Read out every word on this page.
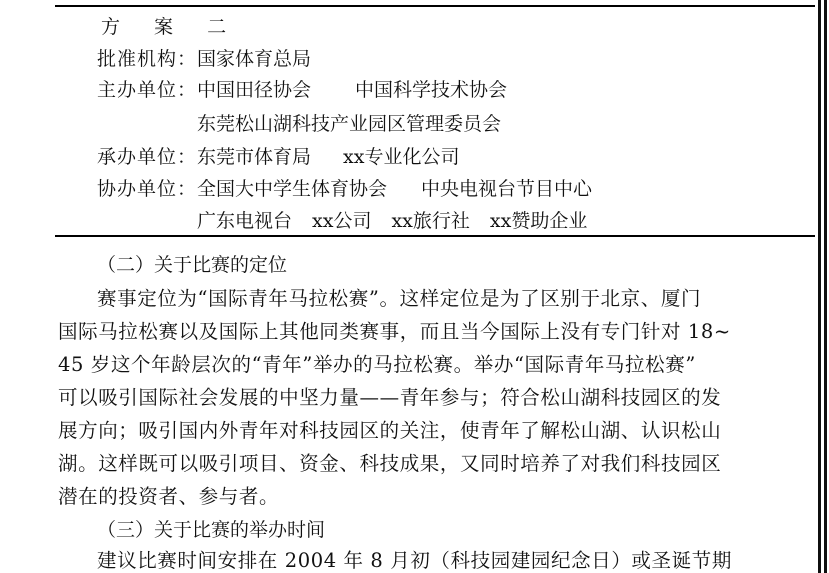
方 案 二
批准机构：国家体育总局
主办单位：中国田径协会 中国科学技术协会
东莞松山湖科技产业园区管理委员会
承办单位：东莞市体育局 xx专业化公司
协办单位：全国大中学生体育协会 中央电视台节目中心
广东电视台 xx公司 xx旅行社 xx赞助企业
（二）关于比赛的定位
赛事定位为“国际青年马拉松赛”。这样定位是为了区别于北京、厦门
国际马拉松赛以及国际上其他同类赛事，而且当今国际上没有专门针对 18~
45 岁这个年龄层次的“青年”举办的马拉松赛。举办“国际青年马拉松赛”
可以吸引国际社会发展的中坚力量——青年参与；符合松山湖科技园区的发
展方向；吸引国内外青年对科技园区的关注，使青年了解松山湖、认识松山
湖。这样既可以吸引项目、资金、科技成果，又同时培养了对我们科技园区
潜在的投资者、参与者。
（三）关于比赛的举办时间
建议比赛时间安排在 2004 年 8 月初（科技园建园纪念日）或圣诞节期
